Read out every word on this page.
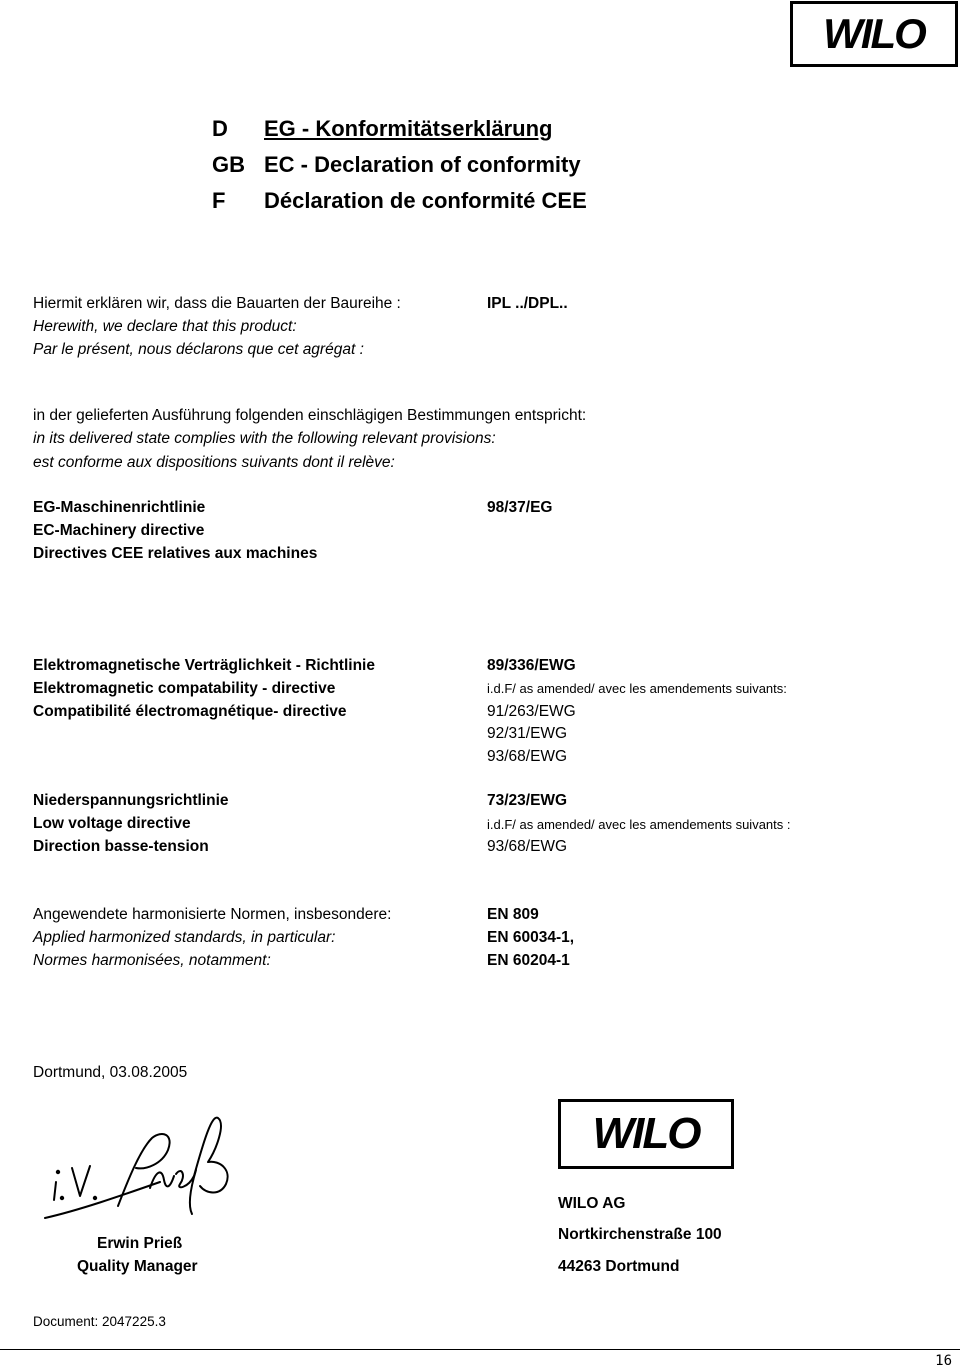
WILO
D EG - Konformitätserklärung
GB EC - Declaration of conformity
F Déclaration de conformité CEE
Hiermit erklären wir, dass die Bauarten der Baureihe :
Herewith, we declare that this product:
Par le présent, nous déclarons que cet agrégat :
IPL ../DPL..
in der gelieferten Ausführung folgenden einschlägigen Bestimmungen entspricht:
in its delivered state complies with the following relevant provisions:
est conforme aux dispositions suivants dont il relève:
EG-Maschinenrichtlinie
EC-Machinery directive
Directives CEE relatives aux machines
98/37/EG
Elektromagnetische Verträglichkeit - Richtlinie
Elektromagnetic compatability - directive
Compatibilité électromagnétique- directive
89/336/EWG
i.d.F/ as amended/ avec les amendements suivants:
91/263/EWG
92/31/EWG
93/68/EWG
Niederspannungsrichtlinie
Low voltage directive
Direction basse-tension
73/23/EWG
i.d.F/ as amended/ avec les amendements suivants :
93/68/EWG
Angewendete harmonisierte Normen, insbesondere:
Applied harmonized standards, in particular:
Normes harmonisées, notamment:
EN 809
EN 60034-1,
EN 60204-1
Dortmund, 03.08.2005
Erwin Prieß
Quality Manager
WILO
WILO AG
Nortkirchenstraße 100
44263 Dortmund
Document: 2047225.3
16
